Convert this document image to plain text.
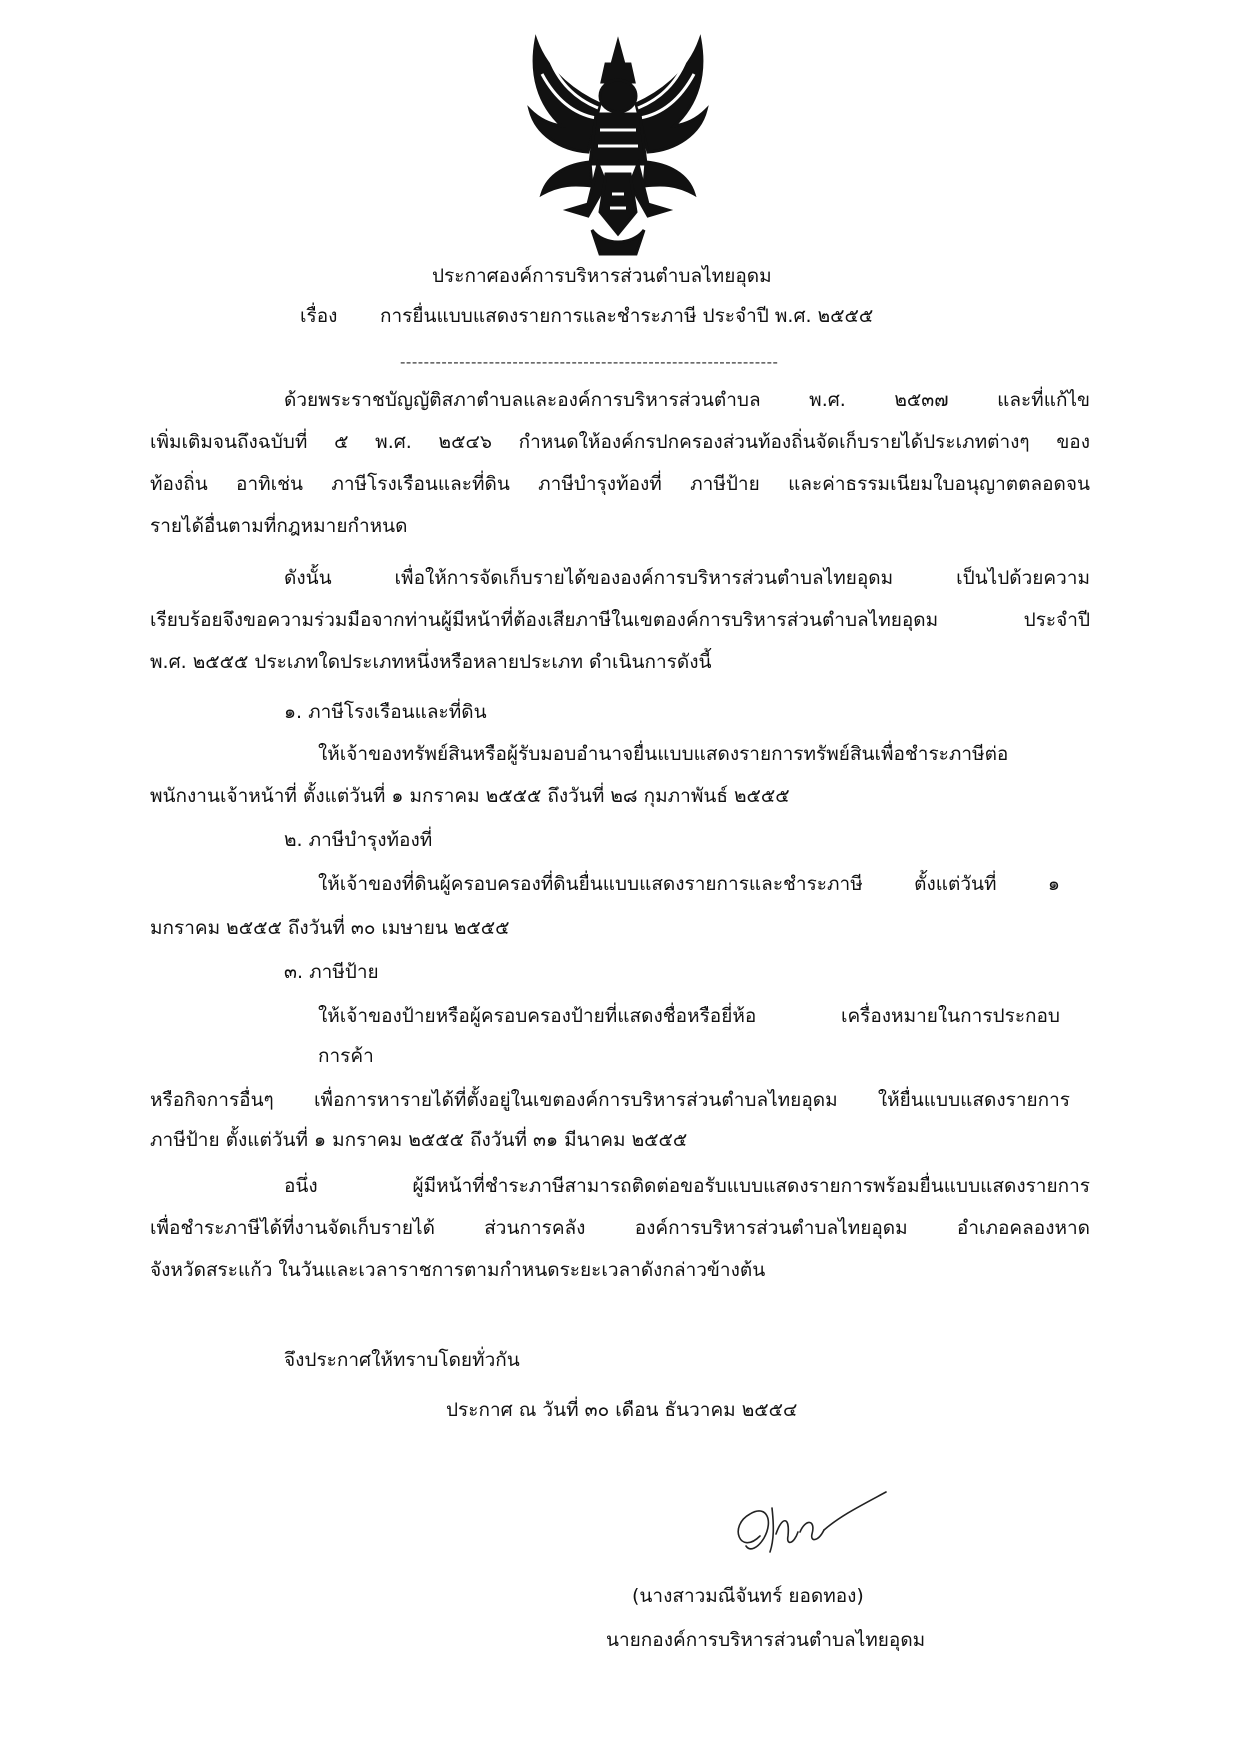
ประกาศองค์การบริหารส่วนตำบลไทยอุดม
เรื่อง การยื่นแบบแสดงรายการและชำระภาษี ประจำปี พ.ศ. ๒๕๕๕
----------------------------------------------------------------
ด้วยพระราชบัญญัติสภาตำบลและองค์การบริหารส่วนตำบล พ.ศ. ๒๕๓๗ และที่แก้ไข
เพิ่มเติมจนถึงฉบับที่ ๕ พ.ศ. ๒๕๔๖ กำหนดให้องค์กรปกครองส่วนท้องถิ่นจัดเก็บรายได้ประเภทต่างๆ ของ
ท้องถิ่น อาทิเช่น ภาษีโรงเรือนและที่ดิน ภาษีบำรุงท้องที่ ภาษีป้าย และค่าธรรมเนียมใบอนุญาตตลอดจน
รายได้อื่นตามที่กฎหมายกำหนด
ดังนั้น เพื่อให้การจัดเก็บรายได้ขององค์การบริหารส่วนตำบลไทยอุดม เป็นไปด้วยความ
เรียบร้อยจึงขอความร่วมมือจากท่านผู้มีหน้าที่ต้องเสียภาษีในเขตองค์การบริหารส่วนตำบลไทยอุดม ประจำปี
พ.ศ. ๒๕๕๕ ประเภทใดประเภทหนึ่งหรือหลายประเภท ดำเนินการดังนี้
๑. ภาษีโรงเรือนและที่ดิน
ให้เจ้าของทรัพย์สินหรือผู้รับมอบอำนาจยื่นแบบแสดงรายการทรัพย์สินเพื่อชำระภาษีต่อ
พนักงานเจ้าหน้าที่ ตั้งแต่วันที่ ๑ มกราคม ๒๕๕๕ ถึงวันที่ ๒๘ กุมภาพันธ์ ๒๕๕๕
๒. ภาษีบำรุงท้องที่
ให้เจ้าของที่ดินผู้ครอบครองที่ดินยื่นแบบแสดงรายการและชำระภาษี ตั้งแต่วันที่ ๑
มกราคม ๒๕๕๕ ถึงวันที่ ๓๐ เมษายน ๒๕๕๕
๓. ภาษีป้าย
ให้เจ้าของป้ายหรือผู้ครอบครองป้ายที่แสดงชื่อหรือยี่ห้อ เครื่องหมายในการประกอบ
การค้า
หรือกิจการอื่นๆ เพื่อการหารายได้ที่ตั้งอยู่ในเขตองค์การบริหารส่วนตำบลไทยอุดม ให้ยื่นแบบแสดงรายการ
ภาษีป้าย ตั้งแต่วันที่ ๑ มกราคม ๒๕๕๕ ถึงวันที่ ๓๑ มีนาคม ๒๕๕๕
อนึ่ง ผู้มีหน้าที่ชำระภาษีสามารถติดต่อขอรับแบบแสดงรายการพร้อมยื่นแบบแสดงรายการ
เพื่อชำระภาษีได้ที่งานจัดเก็บรายได้ ส่วนการคลัง องค์การบริหารส่วนตำบลไทยอุดม อำเภอคลองหาด
จังหวัดสระแก้ว ในวันและเวลาราชการตามกำหนดระยะเวลาดังกล่าวข้างต้น
จึงประกาศให้ทราบโดยทั่วกัน
ประกาศ ณ วันที่ ๓๐ เดือน ธันวาคม ๒๕๕๔
(นางสาวมณีจันทร์ ยอดทอง)
นายกองค์การบริหารส่วนตำบลไทยอุดม
